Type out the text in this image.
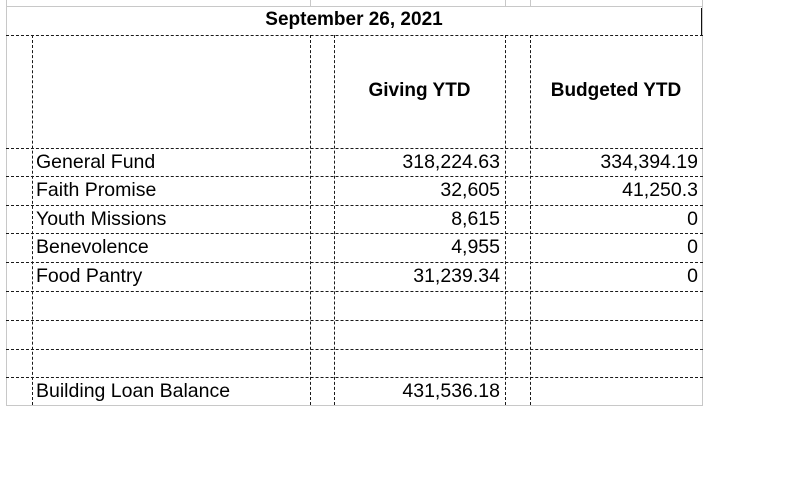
September 26, 2021
Giving YTD	Budgeted YTD
General Fund	318,224.63	334,394.19
Faith Promise	32,605	41,250.3
Youth Missions	8,615	0
Benevolence	4,955	0
Food Pantry	31,239.34	0
Building Loan Balance	431,536.18
